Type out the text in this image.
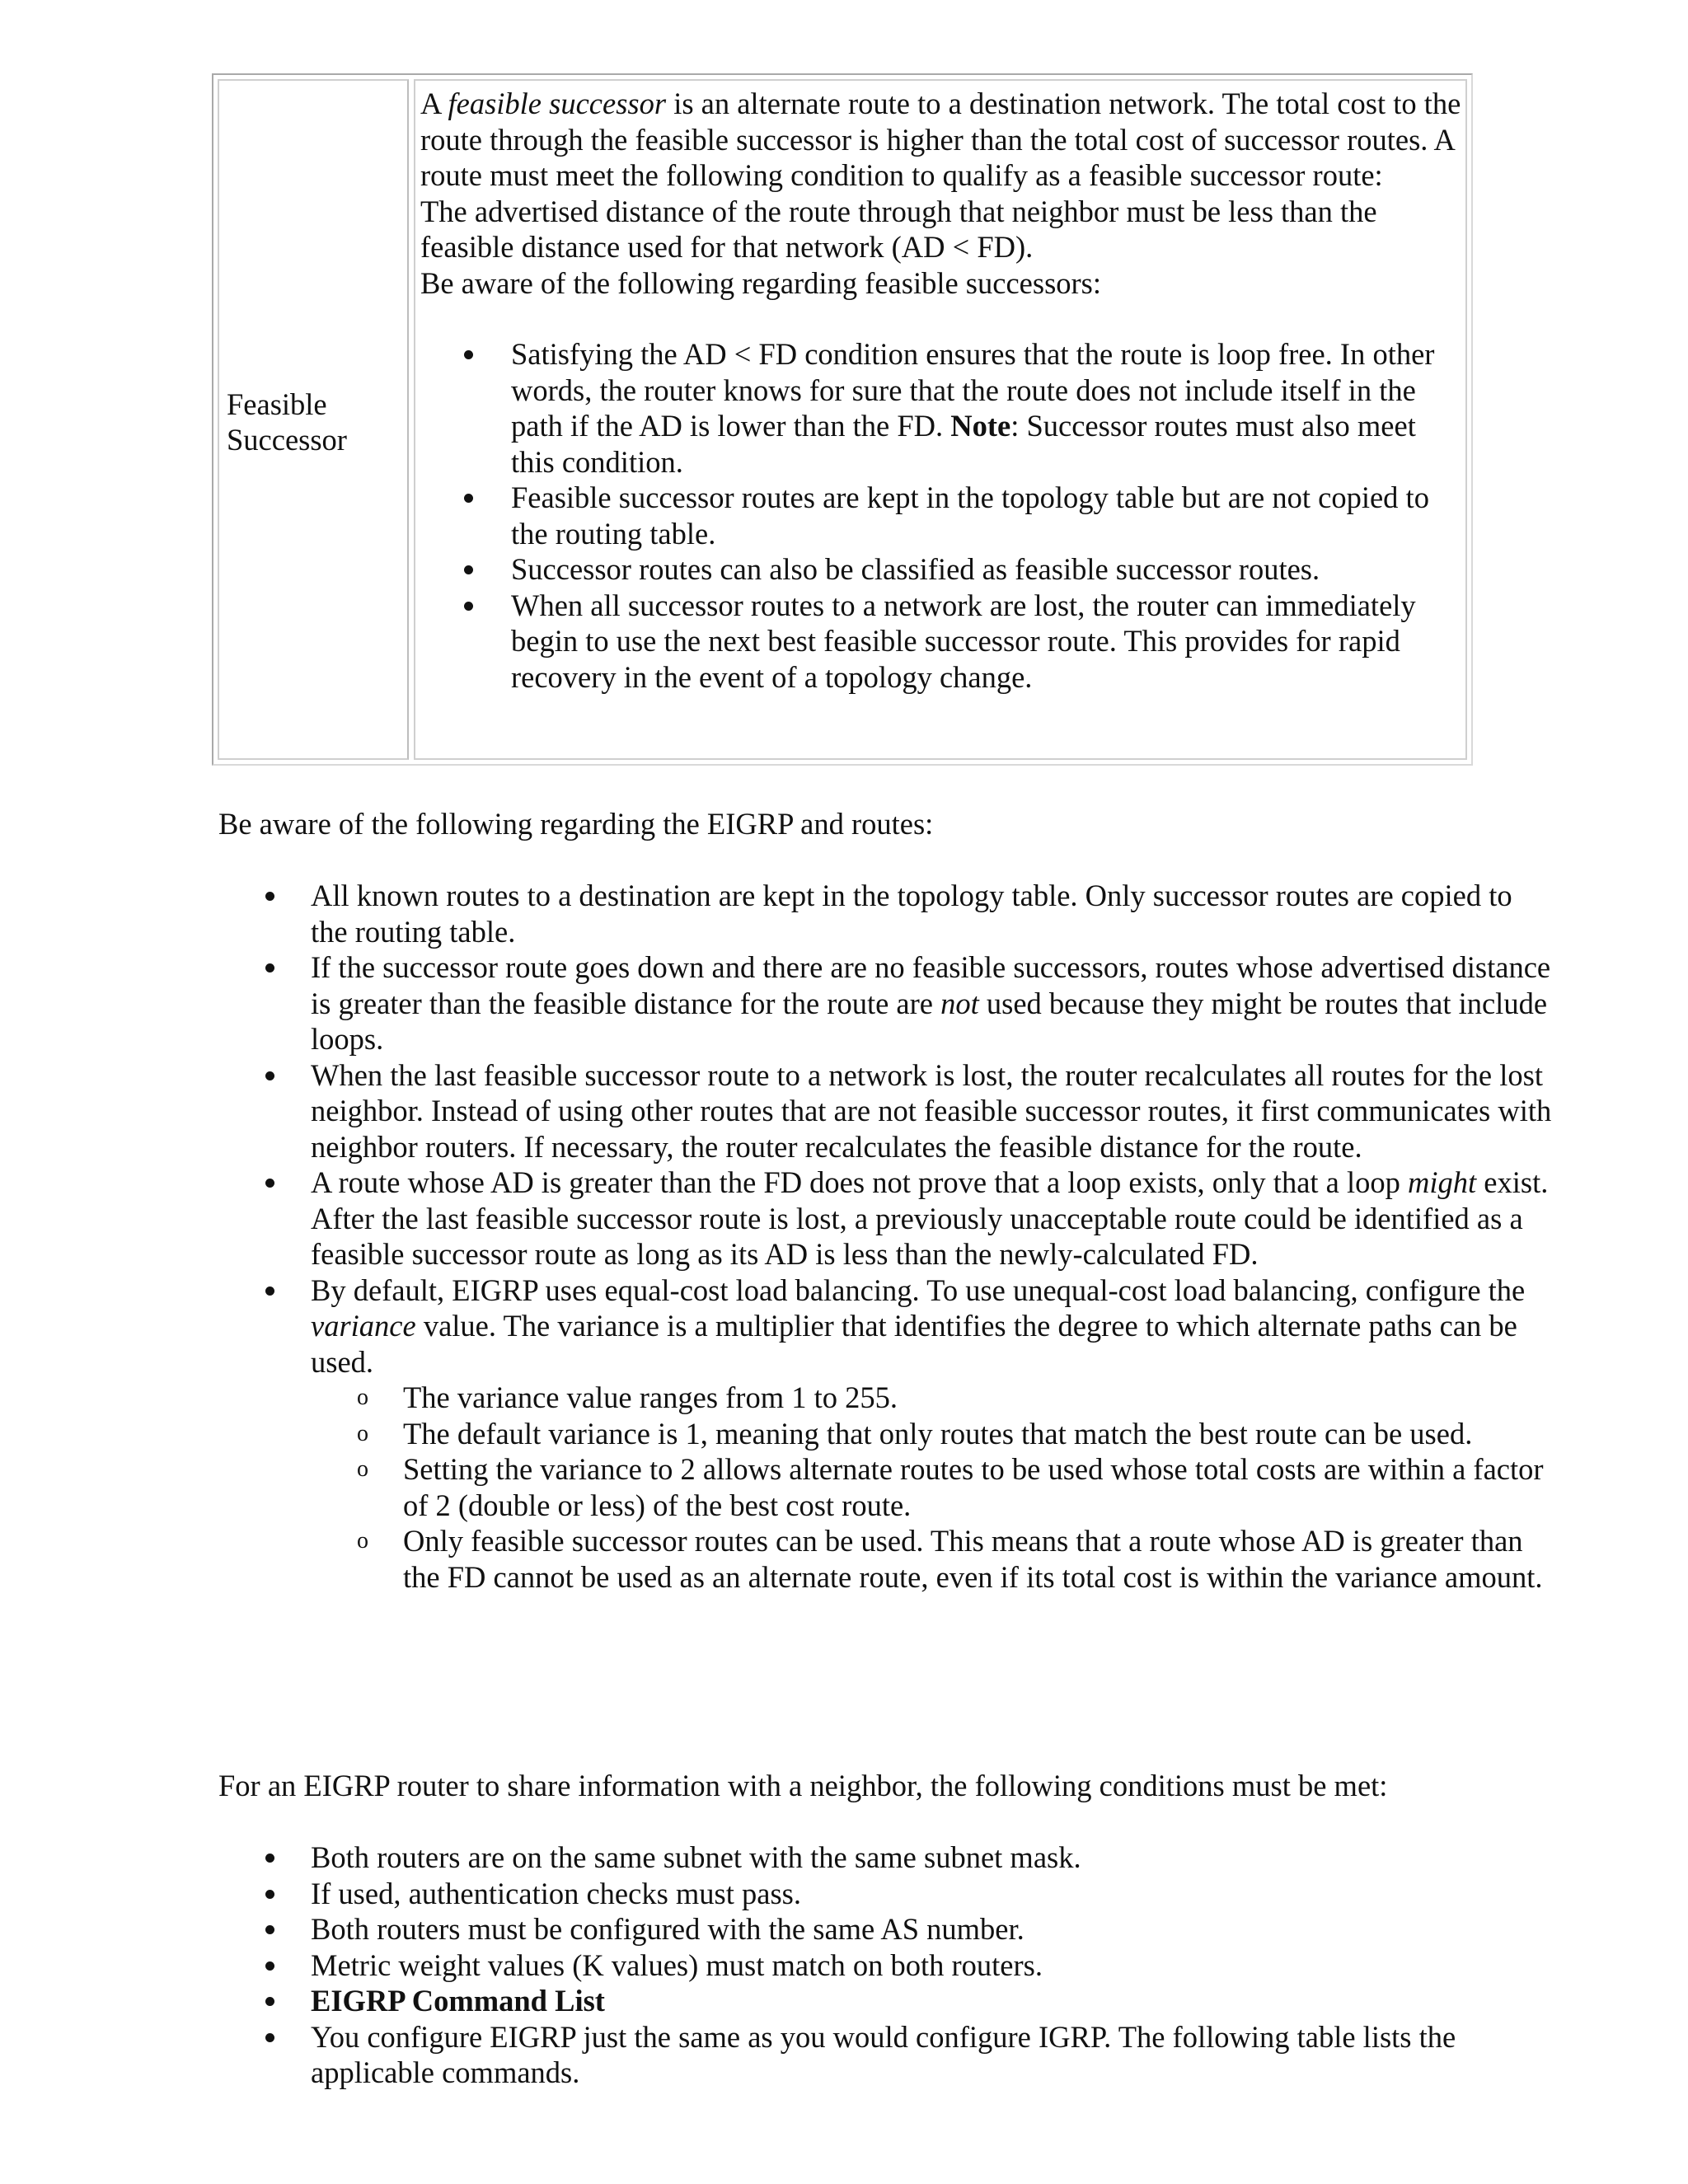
Feasible Successor

A feasible successor is an alternate route to a destination network. The total cost to the route through the feasible successor is higher than the total cost of successor routes. A route must meet the following condition to qualify as a feasible successor route:

The advertised distance of the route through that neighbor must be less than the feasible distance used for that network (AD < FD).

Be aware of the following regarding feasible successors:

Satisfying the AD < FD condition ensures that the route is loop free. In other words, the router knows for sure that the route does not include itself in the path if the AD is lower than the FD. Note: Successor routes must also meet this condition.
Feasible successor routes are kept in the topology table but are not copied to the routing table.
Successor routes can also be classified as feasible successor routes.
When all successor routes to a network are lost, the router can immediately begin to use the next best feasible successor route. This provides for rapid recovery in the event of a topology change.

Be aware of the following regarding the EIGRP and routes:

All known routes to a destination are kept in the topology table. Only successor routes are copied to the routing table.
If the successor route goes down and there are no feasible successors, routes whose advertised distance is greater than the feasible distance for the route are not used because they might be routes that include loops.
When the last feasible successor route to a network is lost, the router recalculates all routes for the lost neighbor. Instead of using other routes that are not feasible successor routes, it first communicates with neighbor routers. If necessary, the router recalculates the feasible distance for the route.
A route whose AD is greater than the FD does not prove that a loop exists, only that a loop might exist. After the last feasible successor route is lost, a previously unacceptable route could be identified as a feasible successor route as long as its AD is less than the newly-calculated FD.
By default, EIGRP uses equal-cost load balancing. To use unequal-cost load balancing, configure the variance value. The variance is a multiplier that identifies the degree to which alternate paths can be used.
o The variance value ranges from 1 to 255.
o The default variance is 1, meaning that only routes that match the best route can be used.
o Setting the variance to 2 allows alternate routes to be used whose total costs are within a factor of 2 (double or less) of the best cost route.
o Only feasible successor routes can be used. This means that a route whose AD is greater than the FD cannot be used as an alternate route, even if its total cost is within the variance amount.

For an EIGRP router to share information with a neighbor, the following conditions must be met:

Both routers are on the same subnet with the same subnet mask.
If used, authentication checks must pass.
Both routers must be configured with the same AS number.
Metric weight values (K values) must match on both routers.
EIGRP Command List
You configure EIGRP just the same as you would configure IGRP. The following table lists the applicable commands.
